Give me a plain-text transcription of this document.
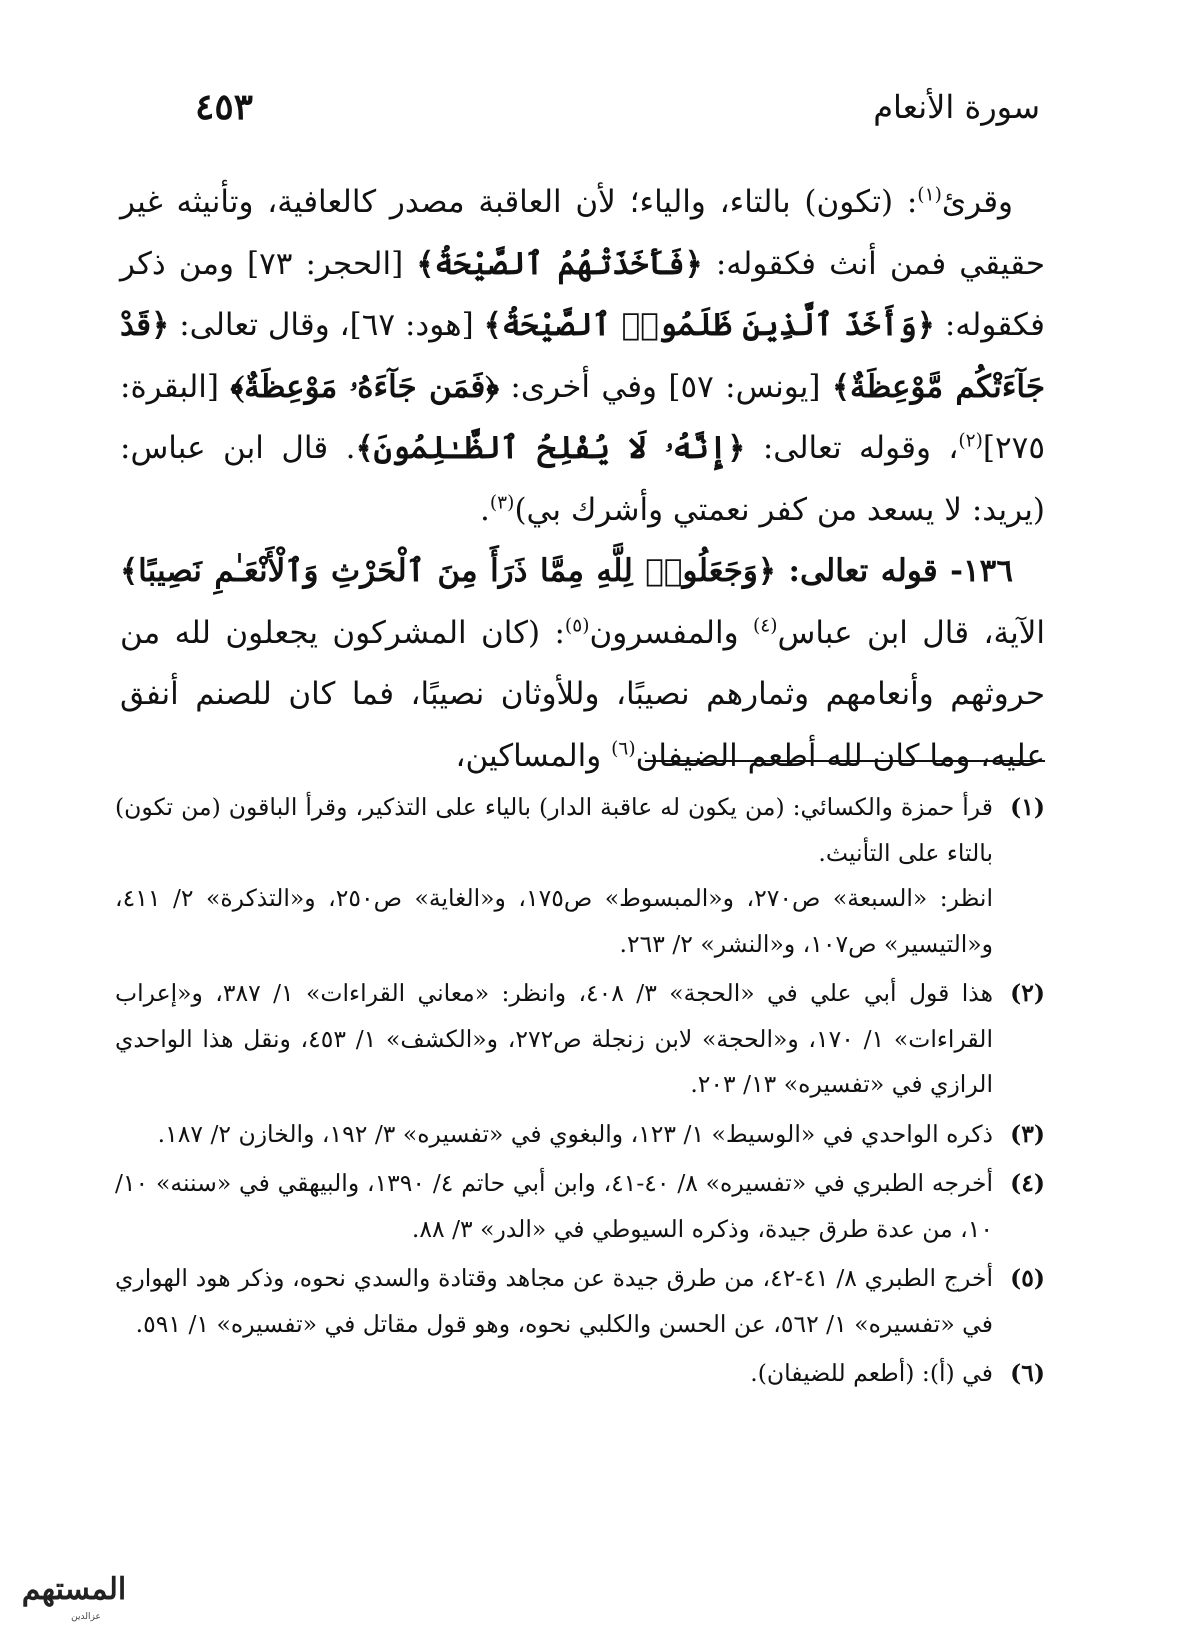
سورة الأنعام
٤٥٣

وقرئ$^{(١)}$: (تكون) بالتاء، والياء؛ لأن العاقبة مصدر كالعافية، وتأنيثه غير حقيقي فمن أنث فكقوله: ﴿فَأَخَذَتْهُمُ ٱلصَّيْحَةُ﴾ [الحجر: ٧٣] ومن ذكر فكقوله: ﴿وَأَخَذَ ٱلَّذِينَ ظَلَمُوا۟ ٱلصَّيْحَةُ﴾ [هود: ٦٧]، وقال تعالى: ﴿قَدْ جَآءَتْكُم مَّوْعِظَةٌ﴾ [يونس: ٥٧] وفي أخرى: ﴿فَمَن جَآءَهُۥ مَوْعِظَةٌ﴾ [البقرة: ٢٧٥]$^{(٢)}$، وقوله تعالى: ﴿إِنَّهُۥ لَا يُفْلِحُ ٱلظَّـٰلِمُونَ﴾. قال ابن عباس: (يريد: لا يسعد من كفر نعمتي وأشرك بي)$^{(٣)}$.

١٣٦- قوله تعالى: ﴿وَجَعَلُوا۟ لِلَّهِ مِمَّا ذَرَأَ مِنَ ٱلْحَرْثِ وَٱلْأَنْعَـٰمِ نَصِيبًا﴾ الآية، قال ابن عباس$^{(٤)}$ والمفسرون$^{(٥)}$: (كان المشركون يجعلون لله من حروثهم وأنعامهم وثمارهم نصيبًا، وللأوثان نصيبًا، فما كان للصنم أنفق عليه، وما كان لله أطعم الضيفان$^{(٦)}$ والمساكين،

(١)
قرأ حمزة والكسائي: (من يكون له عاقبة الدار) بالياء على التذكير، وقرأ الباقون (من تكون) بالتاء على التأنيث.
انظر: «السبعة» ص٢٧٠، و«المبسوط» ص١٧٥، و«الغاية» ص٢٥٠، و«التذكرة» ٢/ ٤١١، و«التيسير» ص١٠٧، و«النشر» ٢/ ٢٦٣.
(٢)
هذا قول أبي علي في «الحجة» ٣/ ٤٠٨، وانظر: «معاني القراءات» ١/ ٣٨٧، و«إعراب القراءات» ١/ ١٧٠، و«الحجة» لابن زنجلة ص٢٧٢، و«الكشف» ١/ ٤٥٣، ونقل هذا الواحدي الرازي في «تفسيره» ١٣/ ٢٠٣.
(٣)
ذكره الواحدي في «الوسيط» ١/ ١٢٣، والبغوي في «تفسيره» ٣/ ١٩٢، والخازن ٢/ ١٨٧.
(٤)
أخرجه الطبري في «تفسيره» ٨/ ٤٠-٤١، وابن أبي حاتم ٤/ ١٣٩٠، والبيهقي في «سننه» ١٠/ ١٠، من عدة طرق جيدة، وذكره السيوطي في «الدر» ٣/ ٨٨.
(٥)
أخرج الطبري ٨/ ٤١-٤٢، من طرق جيدة عن مجاهد وقتادة والسدي نحوه، وذكر هود الهواري في «تفسيره» ١/ ٥٦٢، عن الحسن والكلبي نحوه، وهو قول مقاتل في «تفسيره» ١/ ٥٩١.
(٦)
في (أ): (أطعم للضيفان).
المستهم
عزالدين
